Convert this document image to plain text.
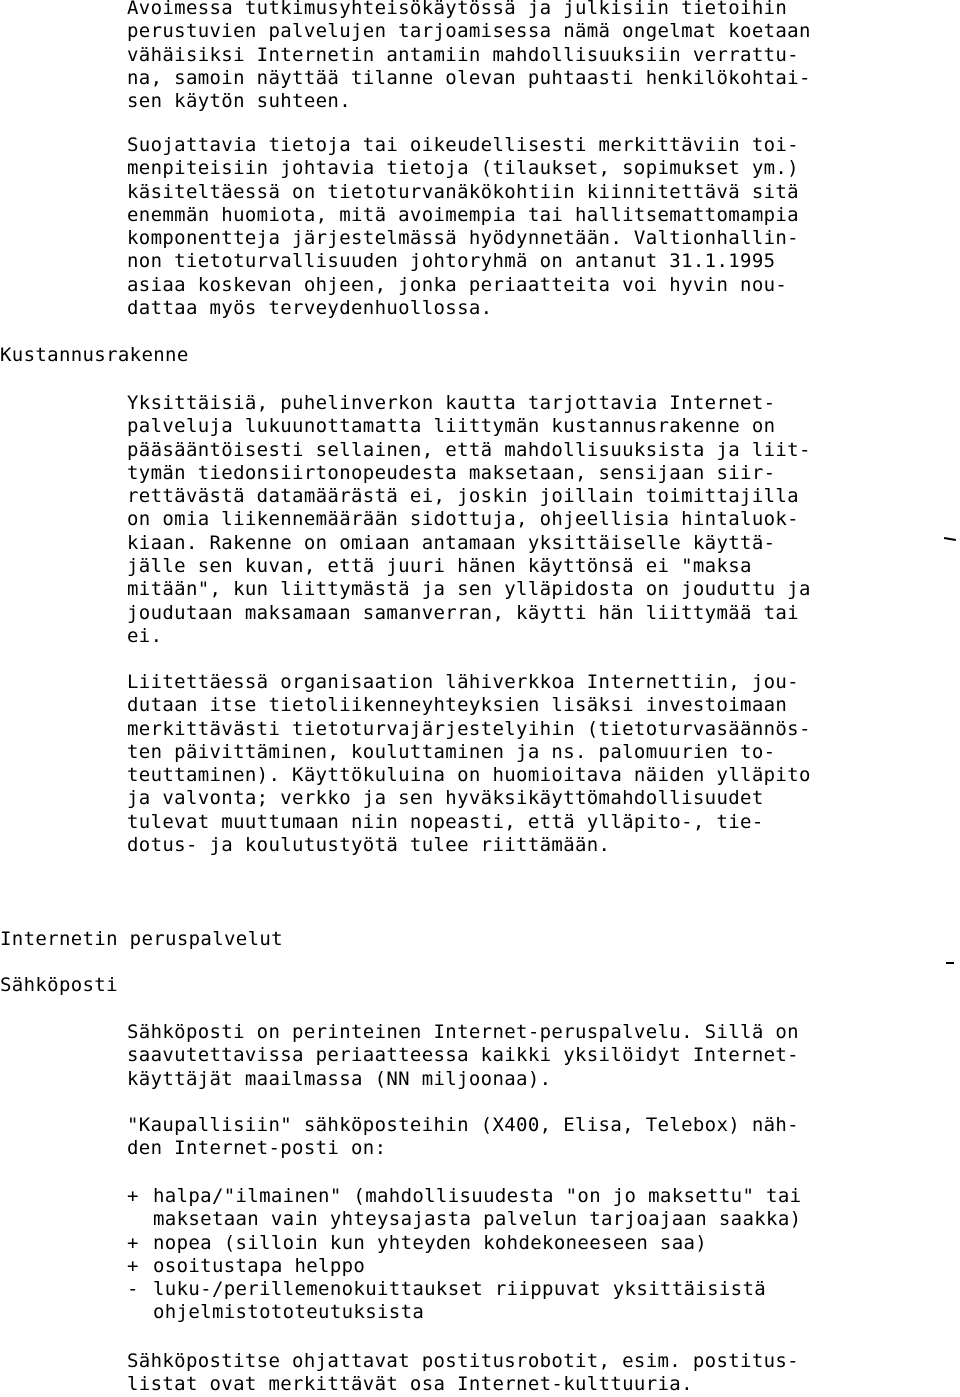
Avoimessa tutkimusyhteisökäytössä ja julkisiin tietoihin
perustuvien palvelujen tarjoamisessa nämä ongelmat koetaan
vähäisiksi Internetin antamiin mahdollisuuksiin verrattu-
na, samoin näyttää tilanne olevan puhtaasti henkilökohtai-
sen käytön suhteen.
Suojattavia tietoja tai oikeudellisesti merkittäviin toi-
menpiteisiin johtavia tietoja (tilaukset, sopimukset ym.)
käsiteltäessä on tietoturvanäkökohtiin kiinnitettävä sitä
enemmän huomiota, mitä avoimempia tai hallitsemattomampia
komponentteja järjestelmässä hyödynnetään. Valtionhallin-
non tietoturvallisuuden johtoryhmä on antanut 31.1.1995
asiaa koskevan ohjeen, jonka periaatteita voi hyvin nou-
dattaa myös terveydenhuollossa.
Kustannusrakenne
Yksittäisiä, puhelinverkon kautta tarjottavia Internet-
palveluja lukuunottamatta liittymän kustannusrakenne on
pääsääntöisesti sellainen, että mahdollisuuksista ja liit-
tymän tiedonsiirtonopeudesta maksetaan, sensijaan siir-
rettävästä datamäärästä ei, joskin joillain toimittajilla
on omia liikennemäärään sidottuja, ohjeellisia hintaluok-
kiaan. Rakenne on omiaan antamaan yksittäiselle käyttä-
jälle sen kuvan, että juuri hänen käyttönsä ei "maksa
mitään", kun liittymästä ja sen ylläpidosta on jouduttu ja
joudutaan maksamaan samanverran, käytti hän liittymää tai
ei.
Liitettäessä organisaation lähiverkkoa Internettiin, jou-
dutaan itse tietoliikenneyhteyksien lisäksi investoimaan
merkittävästi tietoturvajärjestelyihin (tietoturvasäännös-
ten päivittäminen, kouluttaminen ja ns. palomuurien to-
teuttaminen). Käyttökuluina on huomioitava näiden ylläpito
ja valvonta; verkko ja sen hyväksikäyttömahdollisuudet
tulevat muuttumaan niin nopeasti, että ylläpito-, tie-
dotus- ja koulutustyötä tulee riittämään.
Internetin peruspalvelut
Sähköposti
Sähköposti on perinteinen Internet-peruspalvelu. Sillä on
saavutettavissa periaatteessa kaikki yksilöidyt Internet-
käyttäjät maailmassa (NN miljoonaa).
"Kaupallisiin" sähköposteihin (X400, Elisa, Telebox) näh-
den Internet-posti on:
+ halpa/"ilmainen" (mahdollisuudesta "on jo maksettu" tai
maksetaan vain yhteysajasta palvelun tarjoajaan saakka)
+ nopea (silloin kun yhteyden kohdekoneeseen saa)
+ osoitustapa helppo
- luku-/perillemenokuittaukset riippuvat yksittäisistä
ohjelmistototeutuksista
Sähköpostitse ohjattavat postitusrobotit, esim. postitus-
listat ovat merkittävät osa Internet-kulttuuria.
